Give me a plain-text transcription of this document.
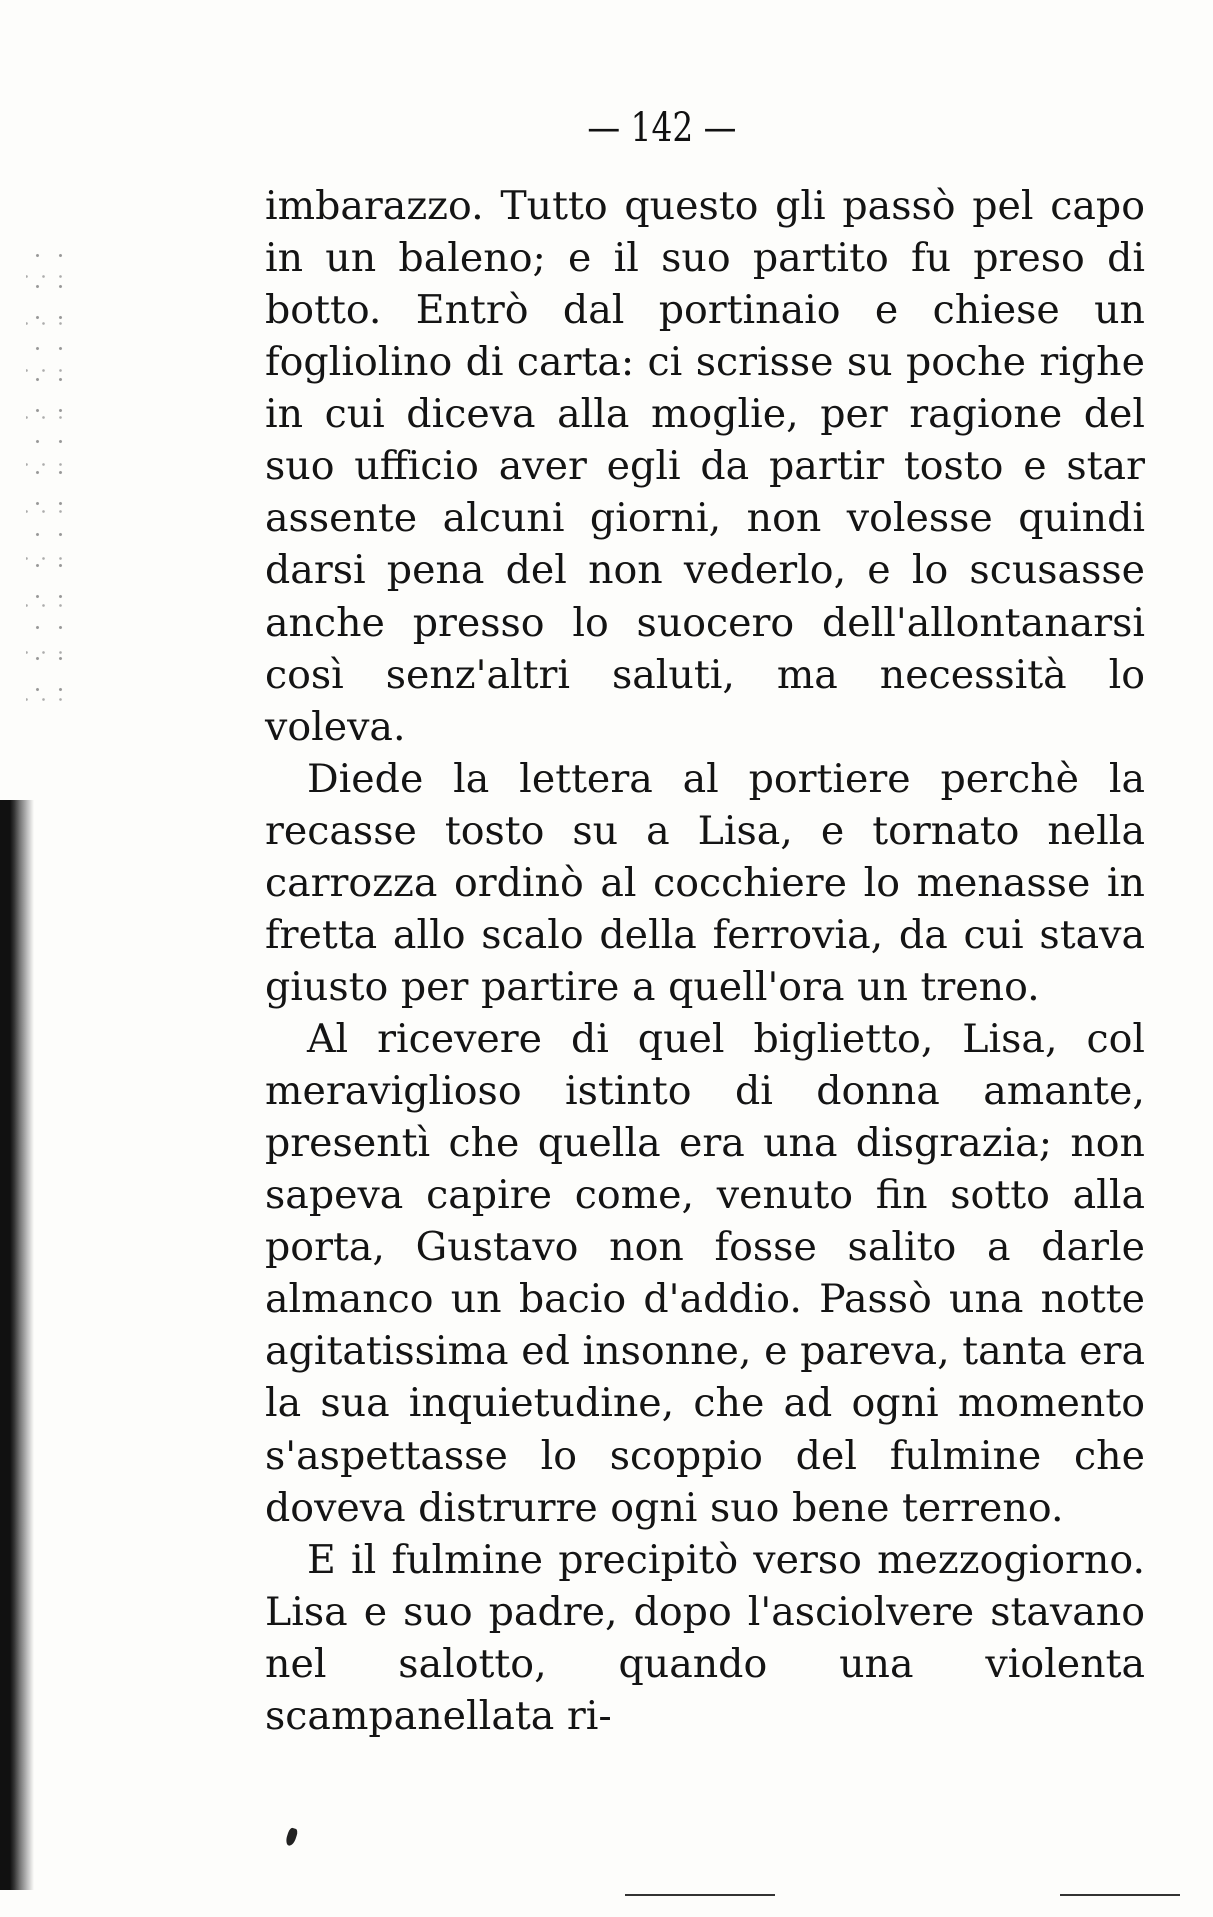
— 142 —

imbarazzo. Tutto questo gli passò pel capo in un baleno; e il suo partito fu preso di botto. Entrò dal portinaio e chiese un fogliolino di carta: ci scrisse su poche righe in cui diceva alla moglie, per ragione del suo ufficio aver egli da partir tosto e star assente alcuni giorni, non volesse quindi darsi pena del non vederlo, e lo scusasse anche presso lo suocero dell'allontanarsi così senz'altri saluti, ma necessità lo voleva.

Diede la lettera al portiere perchè la recasse tosto su a Lisa, e tornato nella carrozza ordinò al cocchiere lo menasse in fretta allo scalo della ferrovia, da cui stava giusto per partire a quell'ora un treno.

Al ricevere di quel biglietto, Lisa, col meraviglioso istinto di donna amante, presentì che quella era una disgrazia; non sapeva capire come, venuto fin sotto alla porta, Gustavo non fosse salito a darle almanco un bacio d'addio. Passò una notte agitatissima ed insonne, e pareva, tanta era la sua inquietudine, che ad ogni momento s'aspettasse lo scoppio del fulmine che doveva distrurre ogni suo bene terreno.

E il fulmine precipitò verso mezzogiorno. Lisa e suo padre, dopo l'asciolvere stavano nel salotto, quando una violenta scampanellata ri-
